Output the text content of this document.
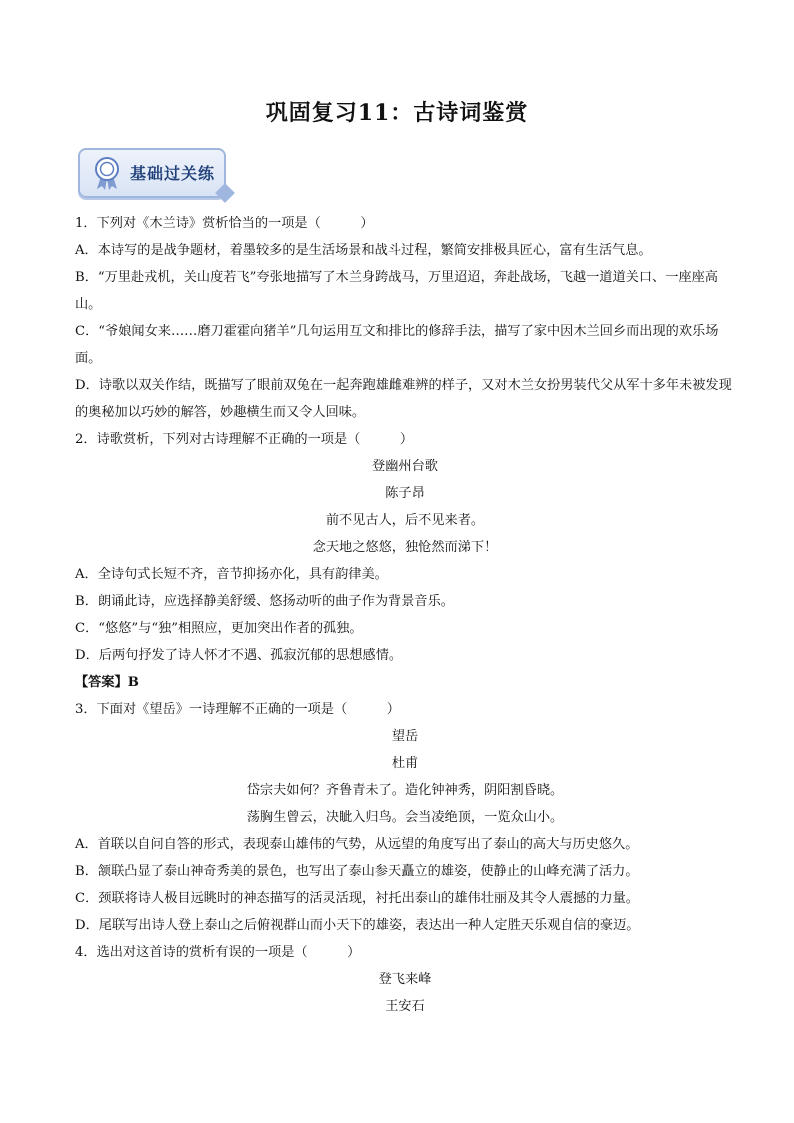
巩固复习11：古诗词鉴赏
基础过关练
1．下列对《木兰诗》赏析恰当的一项是（　　　）
A．本诗写的是战争题材，着墨较多的是生活场景和战斗过程，繁简安排极具匠心，富有生活气息。
B．“万里赴戎机，关山度若飞”夸张地描写了木兰身跨战马，万里迢迢，奔赴战场，飞越一道道关口、一座座高山。
C．“爷娘闻女来……磨刀霍霍向猪羊”几句运用互文和排比的修辞手法，描写了家中因木兰回乡而出现的欢乐场面。
D．诗歌以双关作结，既描写了眼前双兔在一起奔跑雄雌难辨的样子，又对木兰女扮男装代父从军十多年未被发现的奥秘加以巧妙的解答，妙趣横生而又令人回味。
2．诗歌赏析，下列对古诗理解不正确的一项是（　　　）
登幽州台歌
陈子昂
前不见古人，后不见来者。
念天地之悠悠，独怆然而涕下！
A．全诗句式长短不齐，音节抑扬亦化，具有韵律美。
B．朗诵此诗，应选择静美舒缓、悠扬动听的曲子作为背景音乐。
C．“悠悠”与“独”相照应，更加突出作者的孤独。
D．后两句抒发了诗人怀才不遇、孤寂沉郁的思想感情。
【答案】B
3．下面对《望岳》一诗理解不正确的一项是（　　　）
望岳
杜甫
岱宗夫如何？齐鲁青未了。造化钟神秀，阴阳割昏晓。
荡胸生曾云，决眦入归鸟。会当凌绝顶，一览众山小。
A．首联以自问自答的形式，表现泰山雄伟的气势，从远望的角度写出了泰山的高大与历史悠久。
B．颔联凸显了泰山神奇秀美的景色，也写出了泰山参天矗立的雄姿，使静止的山峰充满了活力。
C．颈联将诗人极目远眺时的神态描写的活灵活现，衬托出泰山的雄伟壮丽及其令人震撼的力量。
D．尾联写出诗人登上泰山之后俯视群山而小天下的雄姿，表达出一种人定胜天乐观自信的豪迈。
4．选出对这首诗的赏析有误的一项是（　　　）
登飞来峰
王安石
